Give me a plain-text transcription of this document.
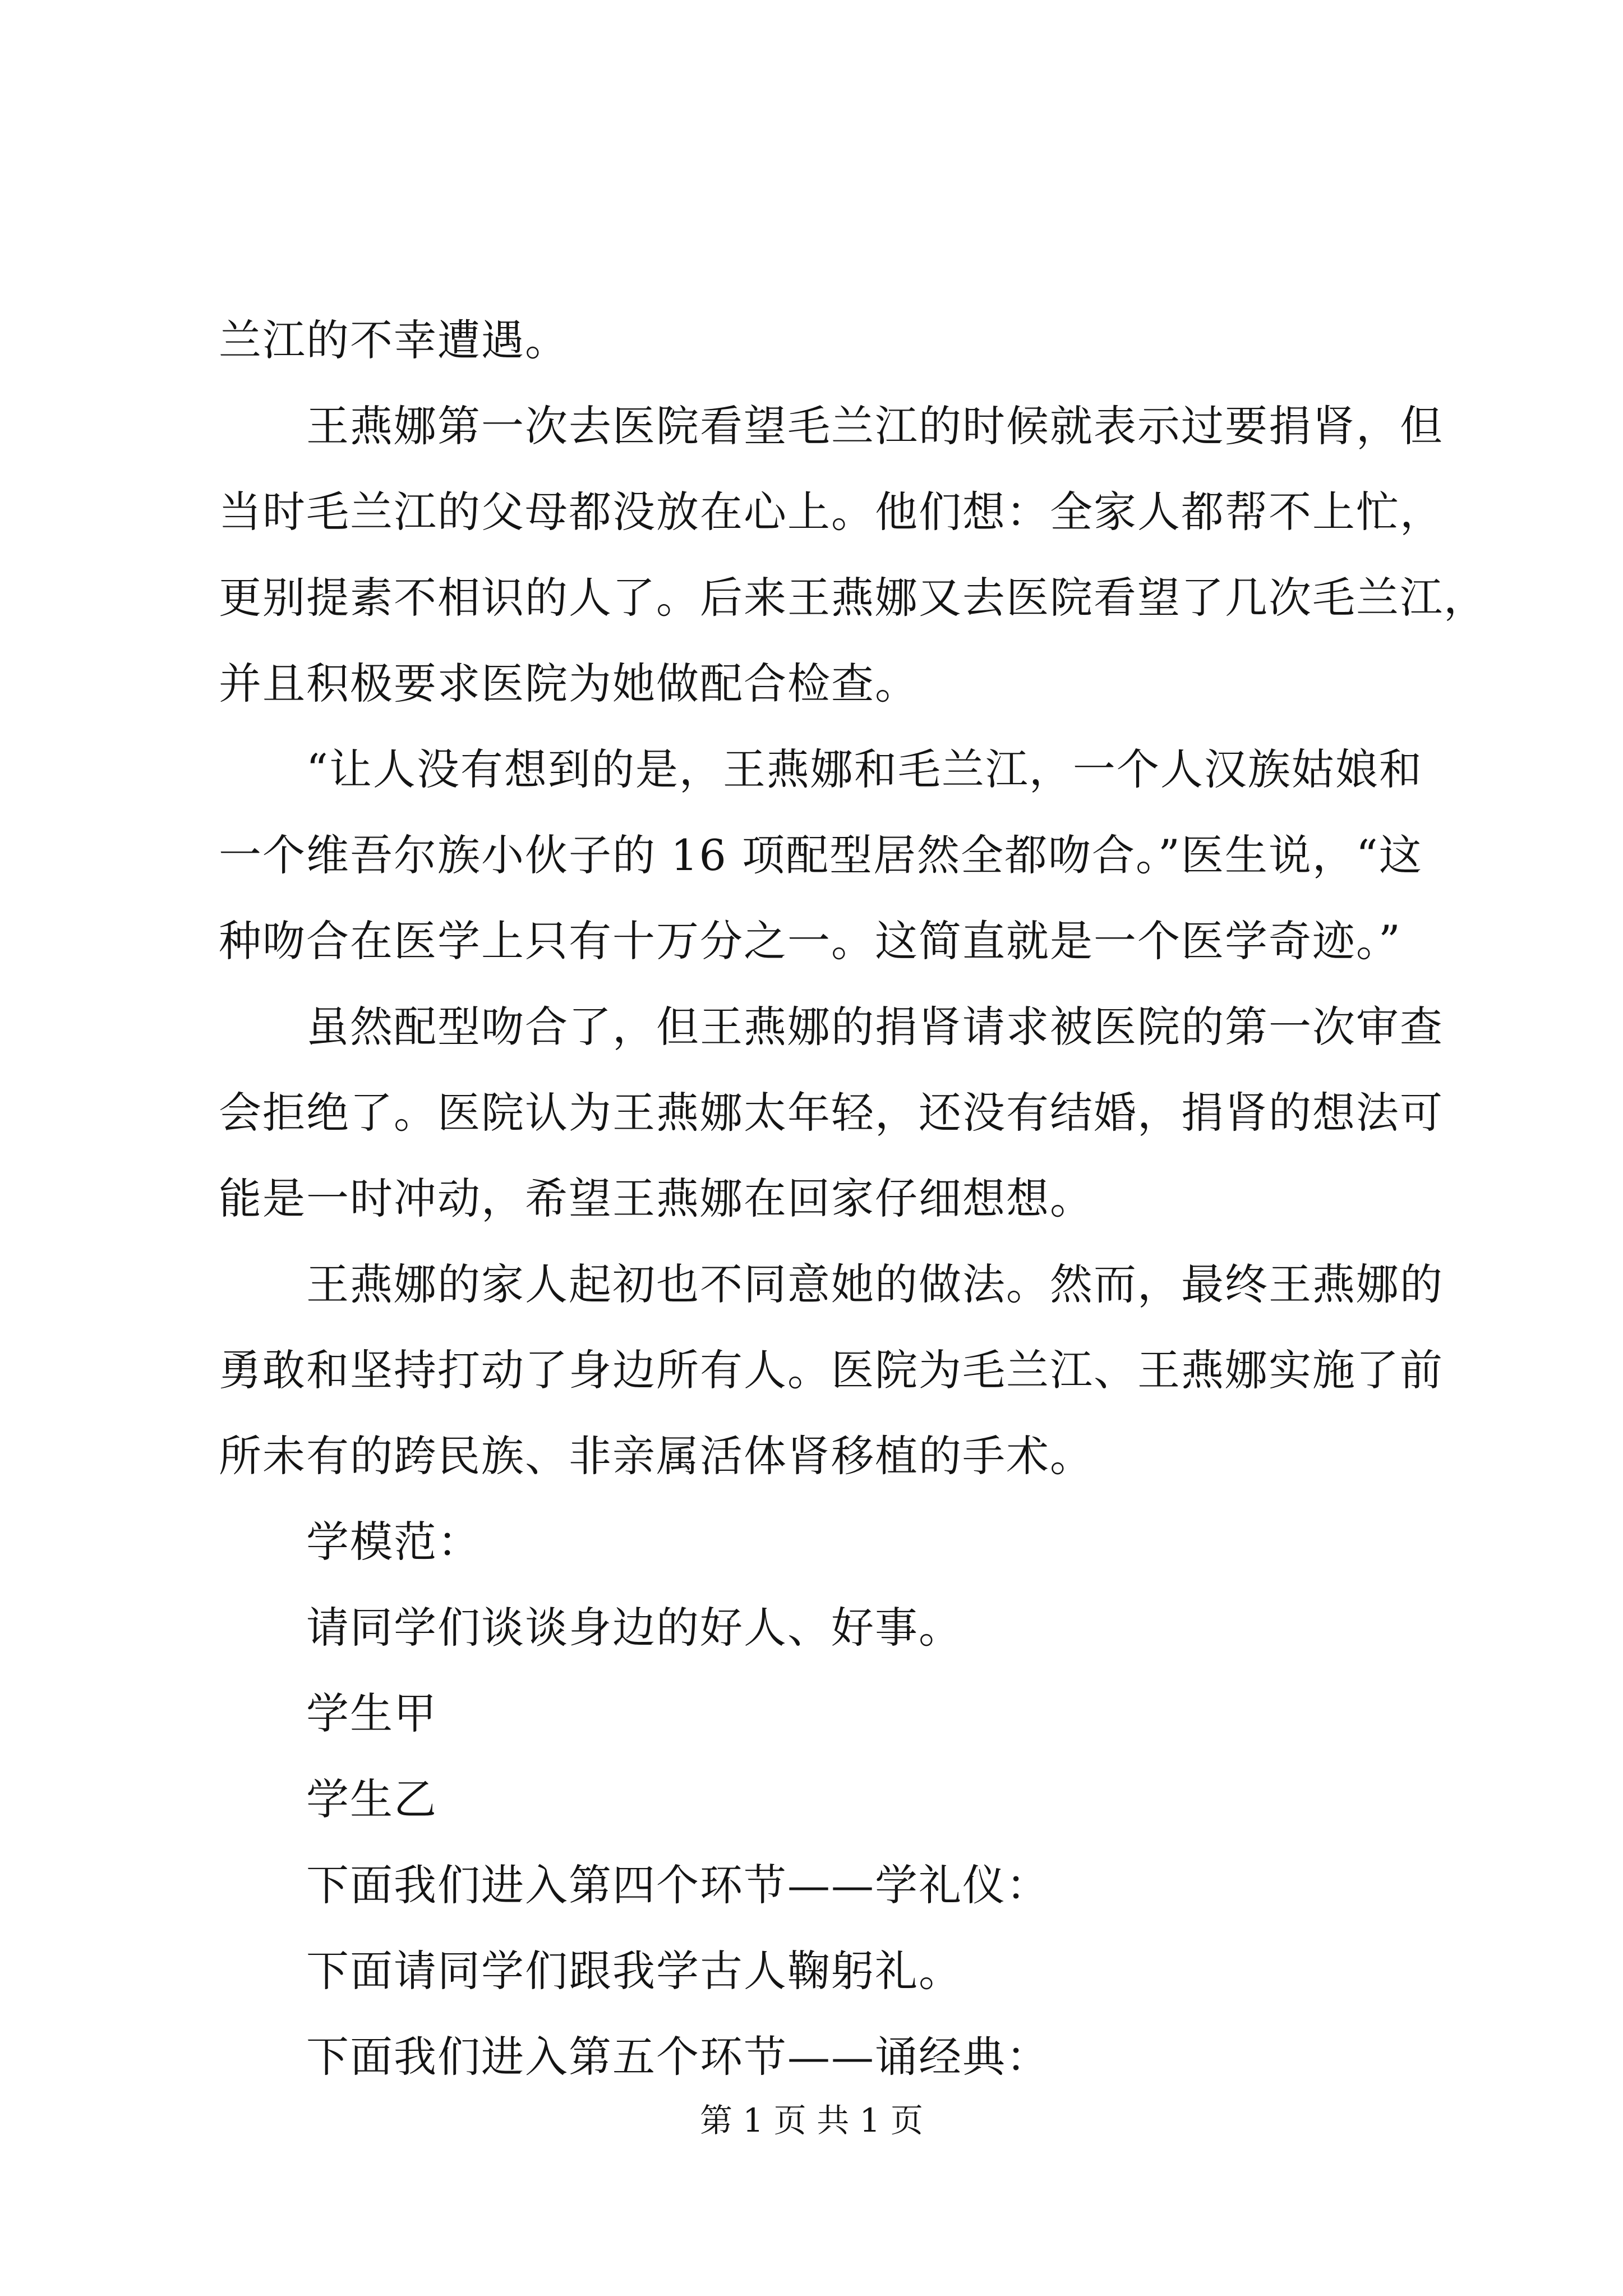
兰江的不幸遭遇。
王燕娜第一次去医院看望毛兰江的时候就表示过要捐肾，但
当时毛兰江的父母都没放在心上。他们想：全家人都帮不上忙，
更别提素不相识的人了。后来王燕娜又去医院看望了几次毛兰江，
并且积极要求医院为她做配合检查。
“让人没有想到的是，王燕娜和毛兰江，一个人汉族姑娘和
一个维吾尔族小伙子的 16 项配型居然全都吻合。”医生说，“这
种吻合在医学上只有十万分之一。这简直就是一个医学奇迹。”
虽然配型吻合了，但王燕娜的捐肾请求被医院的第一次审查
会拒绝了。医院认为王燕娜太年轻，还没有结婚，捐肾的想法可
能是一时冲动，希望王燕娜在回家仔细想想。
王燕娜的家人起初也不同意她的做法。然而，最终王燕娜的
勇敢和坚持打动了身边所有人。医院为毛兰江、王燕娜实施了前
所未有的跨民族、非亲属活体肾移植的手术。
学模范：
请同学们谈谈身边的好人、好事。
学生甲
学生乙
下面我们进入第四个环节——学礼仪：
下面请同学们跟我学古人鞠躬礼。
下面我们进入第五个环节——诵经典：
第 1 页 共 1 页
